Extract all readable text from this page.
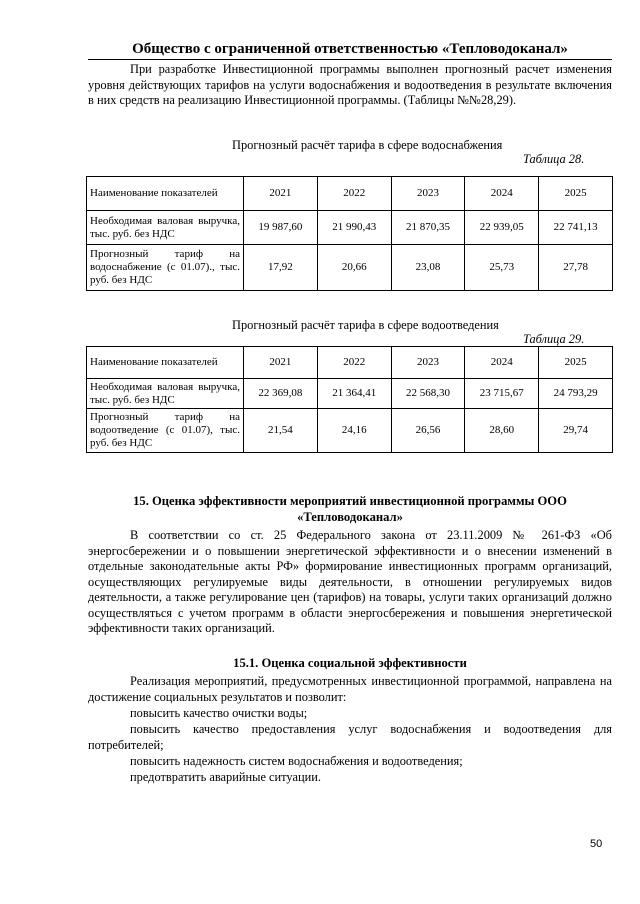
Общество с ограниченной ответственностью «Тепловодоканал»
При разработке Инвестиционной программы выполнен прогнозный расчет изменения уровня действующих тарифов на услуги водоснабжения и водоотведения в результате включения в них средств на реализацию Инвестиционной программы. (Таблицы №№28,29).
Прогнозный расчёт тарифа в сфере водоснабжения
Таблица 28.
Наименование показателей	2021	2022	2023	2024	2025
Необходимая валовая выручка, тыс. руб. без НДС	19 987,60	21 990,43	21 870,35	22 939,05	22 741,13
Прогнозный тариф на водоснабжение (с 01.07)., тыс. руб. без НДС	17,92	20,66	23,08	25,73	27,78
Прогнозный расчёт тарифа в сфере водоотведения
Таблица 29.
Наименование показателей	2021	2022	2023	2024	2025
Необходимая валовая выручка, тыс. руб. без НДС	22 369,08	21 364,41	22 568,30	23 715,67	24 793,29
Прогнозный тариф на водоотведение (с 01.07), тыс. руб. без НДС	21,54	24,16	26,56	28,60	29,74
15. Оценка эффективности мероприятий инвестиционной программы ООО
«Тепловодоканал»
В соответствии со ст. 25 Федерального закона от 23.11.2009 № 261-ФЗ «Об энергосбережении и о повышении энергетической эффективности и о внесении изменений в отдельные законодательные акты РФ» формирование инвестиционных программ организаций, осуществляющих регулируемые виды деятельности, в отношении регулируемых видов деятельности, а также регулирование цен (тарифов) на товары, услуги таких организаций должно осуществляться с учетом программ в области энергосбережения и повышения энергетической эффективности таких организаций.
15.1. Оценка социальной эффективности
Реализация мероприятий, предусмотренных инвестиционной программой, направлена на достижение социальных результатов и позволит:
повысить качество очистки воды;
повысить качество предоставления услуг водоснабжения и водоотведения для потребителей;
повысить надежность систем водоснабжения и водоотведения;
предотвратить аварийные ситуации.
50
